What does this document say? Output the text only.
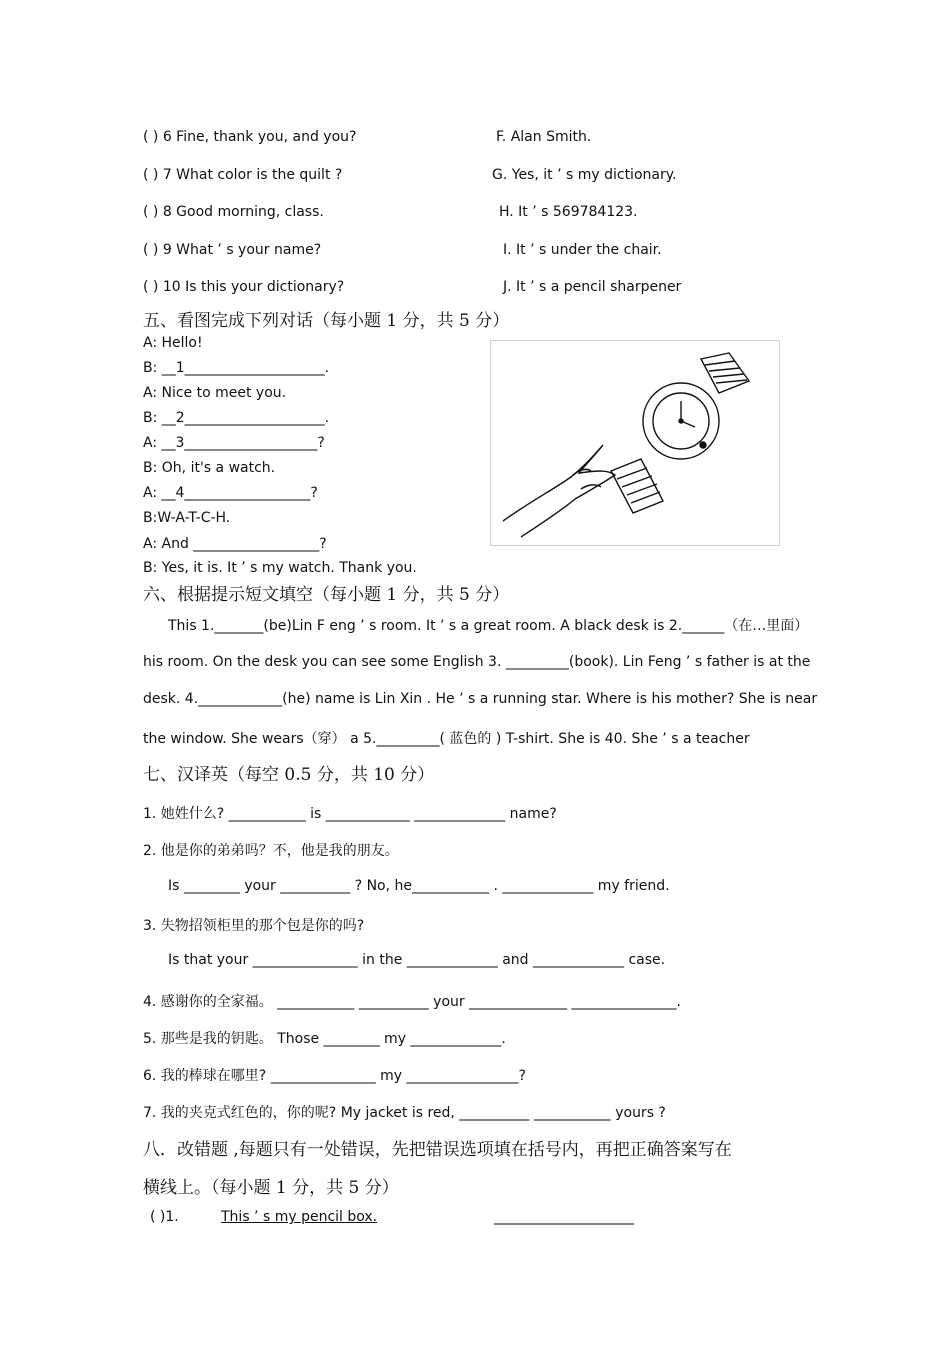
( ) 6 Fine, thank you, and you?	F. Alan Smith.
( ) 7 What color is the quilt ?	G. Yes, it ’ s my dictionary.
( ) 8 Good morning, class.	H. It ’ s 569784123.
( ) 9 What ’ s your name?	I. It ’ s under the chair.
( ) 10 Is this your dictionary?	J. It ’ s a pencil sharpener
五、看图完成下列对话（每小题 1 分，共 5 分）
A: Hello!
B: __1____________________.
A: Nice to meet you.
B: __2____________________.
A: __3___________________?
B: Oh, it's a watch.
A: __4__________________?
B:W-A-T-C-H.
A: And __________________?
B: Yes, it is. It ’ s my watch. Thank you.
六、根据提示短文填空（每小题 1 分，共 5 分）
This 1._______(be)Lin F eng ’ s room. It ’ s a great room. A black desk is 2.______（在…里面）
his room. On the desk you can see some English 3. _________(book). Lin Feng ’ s father is at the
desk. 4.____________(he) name is Lin Xin . He ’ s a running star. Where is his mother? She is near
the window. She wears（穿） a 5._________( 蓝色的 ) T-shirt. She is 40. She ’ s a teacher
七、汉译英（每空 0.5 分，共 10 分）
1. 她姓什么? ___________ is ____________ _____________ name?
2. 他是你的弟弟吗？不，他是我的朋友。
Is ________ your __________ ? No, he___________ . _____________ my friend.
3. 失物招领柜里的那个包是你的吗?
Is that your _______________ in the _____________ and _____________ case.
4. 感谢你的全家福。 ___________ __________ your ______________ _______________.
5. 那些是我的钥匙。 Those ________ my _____________.
6. 我的棒球在哪里? _______________ my ________________?
7. 我的夹克式红色的，你的呢? My jacket is red, __________ ___________ yours ?
八．改错题 ,每题只有一处错误，先把错误选项填在括号内，再把正确答案写在
横线上。（每小题 1 分，共 5 分）
( )1.	This ’ s my pencil box.	____________________
